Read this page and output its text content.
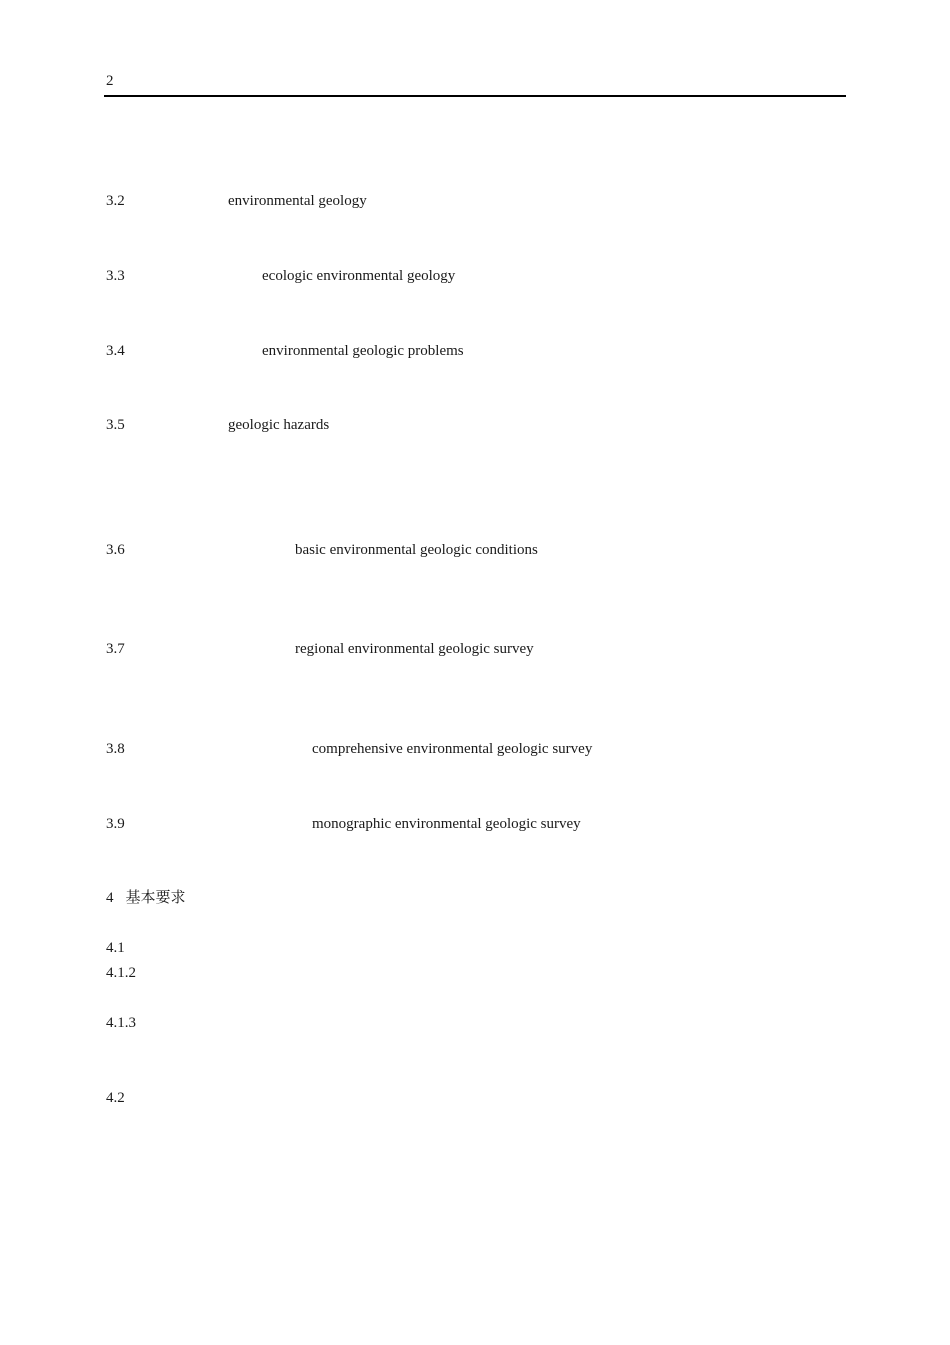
2
3.2	environmental geology
3.3	ecologic environmental geology
3.4	environmental geologic problems
3.5	geologic hazards
3.6	basic environmental geologic conditions
3.7	regional environmental geologic survey
3.8	comprehensive environmental geologic survey
3.9	monographic environmental geologic survey
4 基本要求
4.1
4.1.2
4.1.3
4.2
